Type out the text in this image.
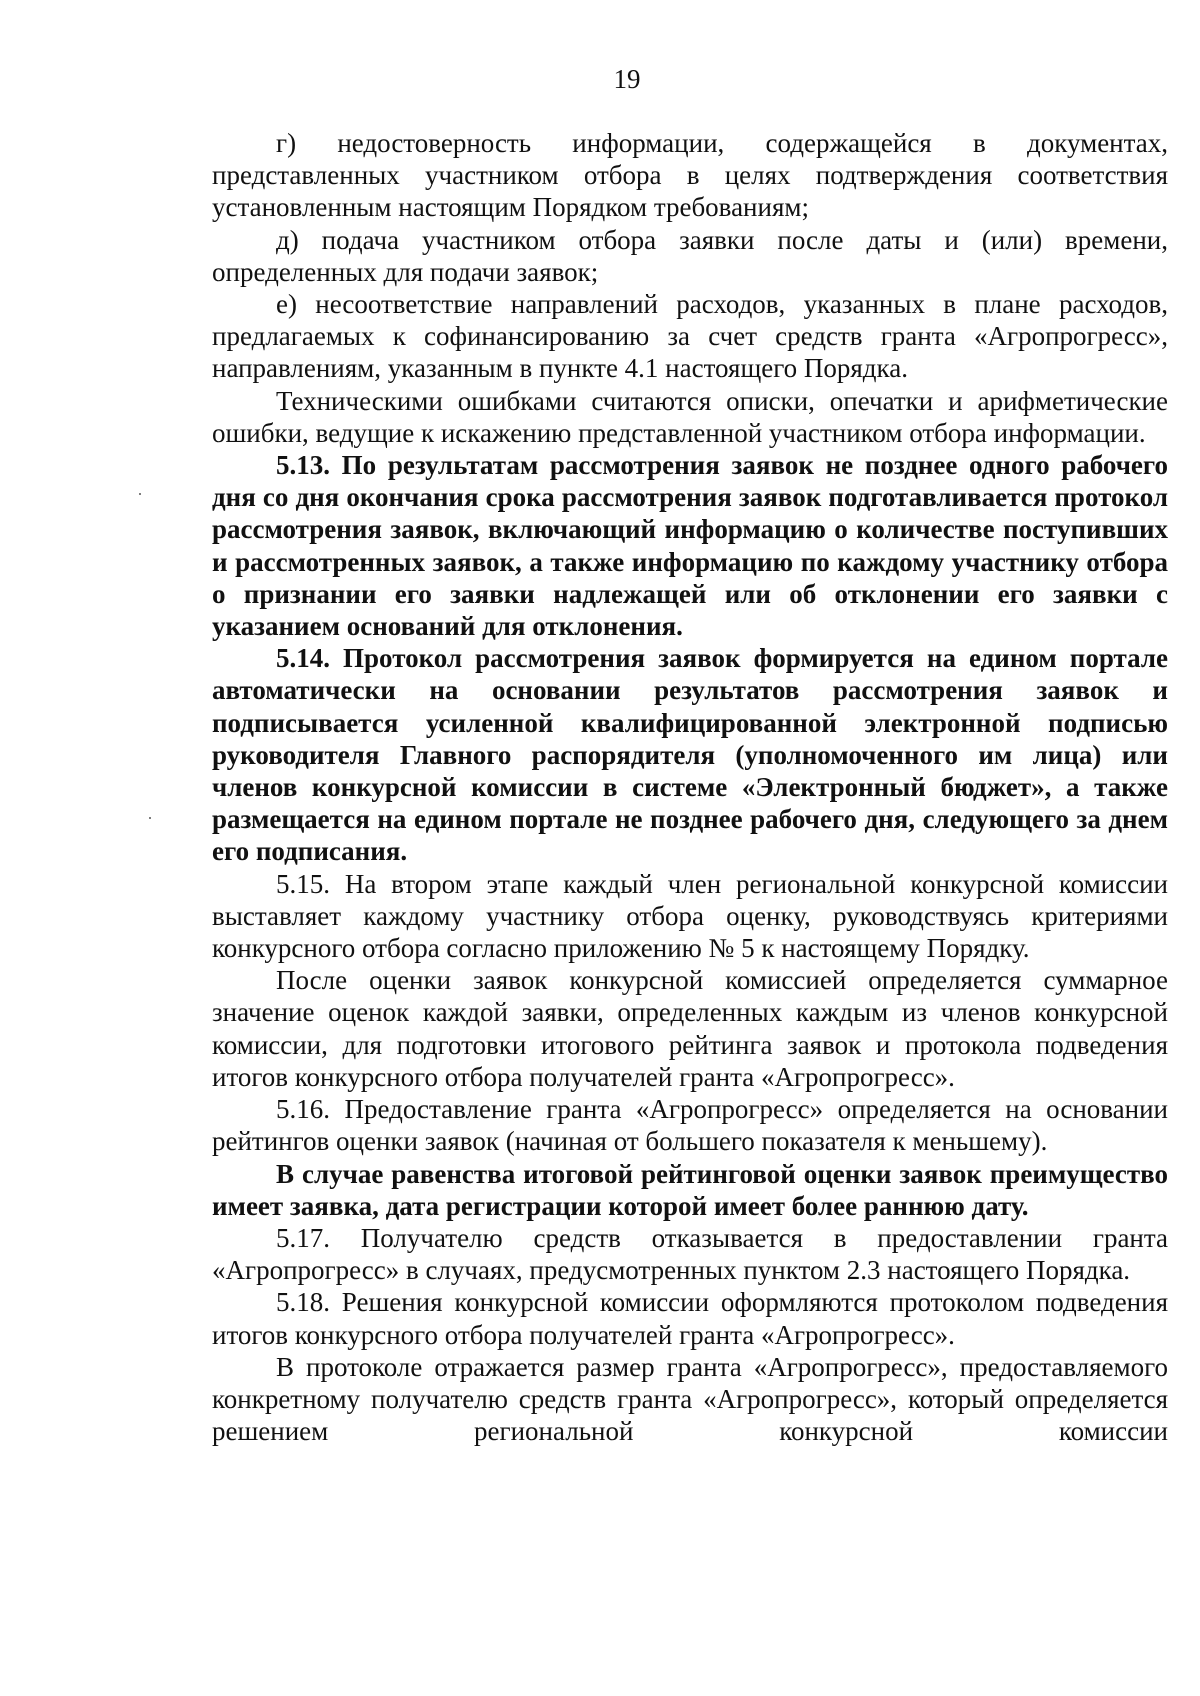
19

г) недостоверность информации, содержащейся в документах, представленных участником отбора в целях подтверждения соответствия установленным настоящим Порядком требованиям;

д) подача участником отбора заявки после даты и (или) времени, определенных для подачи заявок;

е) несоответствие направлений расходов, указанных в плане расходов, предлагаемых к софинансированию за счет средств гранта «Агропрогресс», направлениям, указанным в пункте 4.1 настоящего Порядка.

Техническими ошибками считаются описки, опечатки и арифметические ошибки, ведущие к искажению представленной участником отбора информации.

5.13. По результатам рассмотрения заявок не позднее одного рабочего дня со дня окончания срока рассмотрения заявок подготавливается протокол рассмотрения заявок, включающий информацию о количестве поступивших и рассмотренных заявок, а также информацию по каждому участнику отбора о признании его заявки надлежащей или об отклонении его заявки с указанием оснований для отклонения.

5.14. Протокол рассмотрения заявок формируется на едином портале автоматически на основании результатов рассмотрения заявок и подписывается усиленной квалифицированной электронной подписью руководителя Главного распорядителя (уполномоченного им лица) или членов конкурсной комиссии в системе «Электронный бюджет», а также размещается на едином портале не позднее рабочего дня, следующего за днем его подписания.

5.15. На втором этапе каждый член региональной конкурсной комиссии выставляет каждому участнику отбора оценку, руководствуясь критериями конкурсного отбора согласно приложению № 5 к настоящему Порядку.

После оценки заявок конкурсной комиссией определяется суммарное значение оценок каждой заявки, определенных каждым из членов конкурсной комиссии, для подготовки итогового рейтинга заявок и протокола подведения итогов конкурсного отбора получателей гранта «Агропрогресс».

5.16. Предоставление гранта «Агропрогресс» определяется на основании рейтингов оценки заявок (начиная от большего показателя к меньшему).

В случае равенства итоговой рейтинговой оценки заявок преимущество имеет заявка, дата регистрации которой имеет более раннюю дату.

5.17. Получателю средств отказывается в предоставлении гранта «Агропрогресс» в случаях, предусмотренных пунктом 2.3 настоящего Порядка.

5.18. Решения конкурсной комиссии оформляются протоколом подведения итогов конкурсного отбора получателей гранта «Агропрогресс».

В протоколе отражается размер гранта «Агропрогресс», предоставляемого конкретному получателю средств гранта «Агропрогресс», который определяется решением региональной конкурсной комиссии
